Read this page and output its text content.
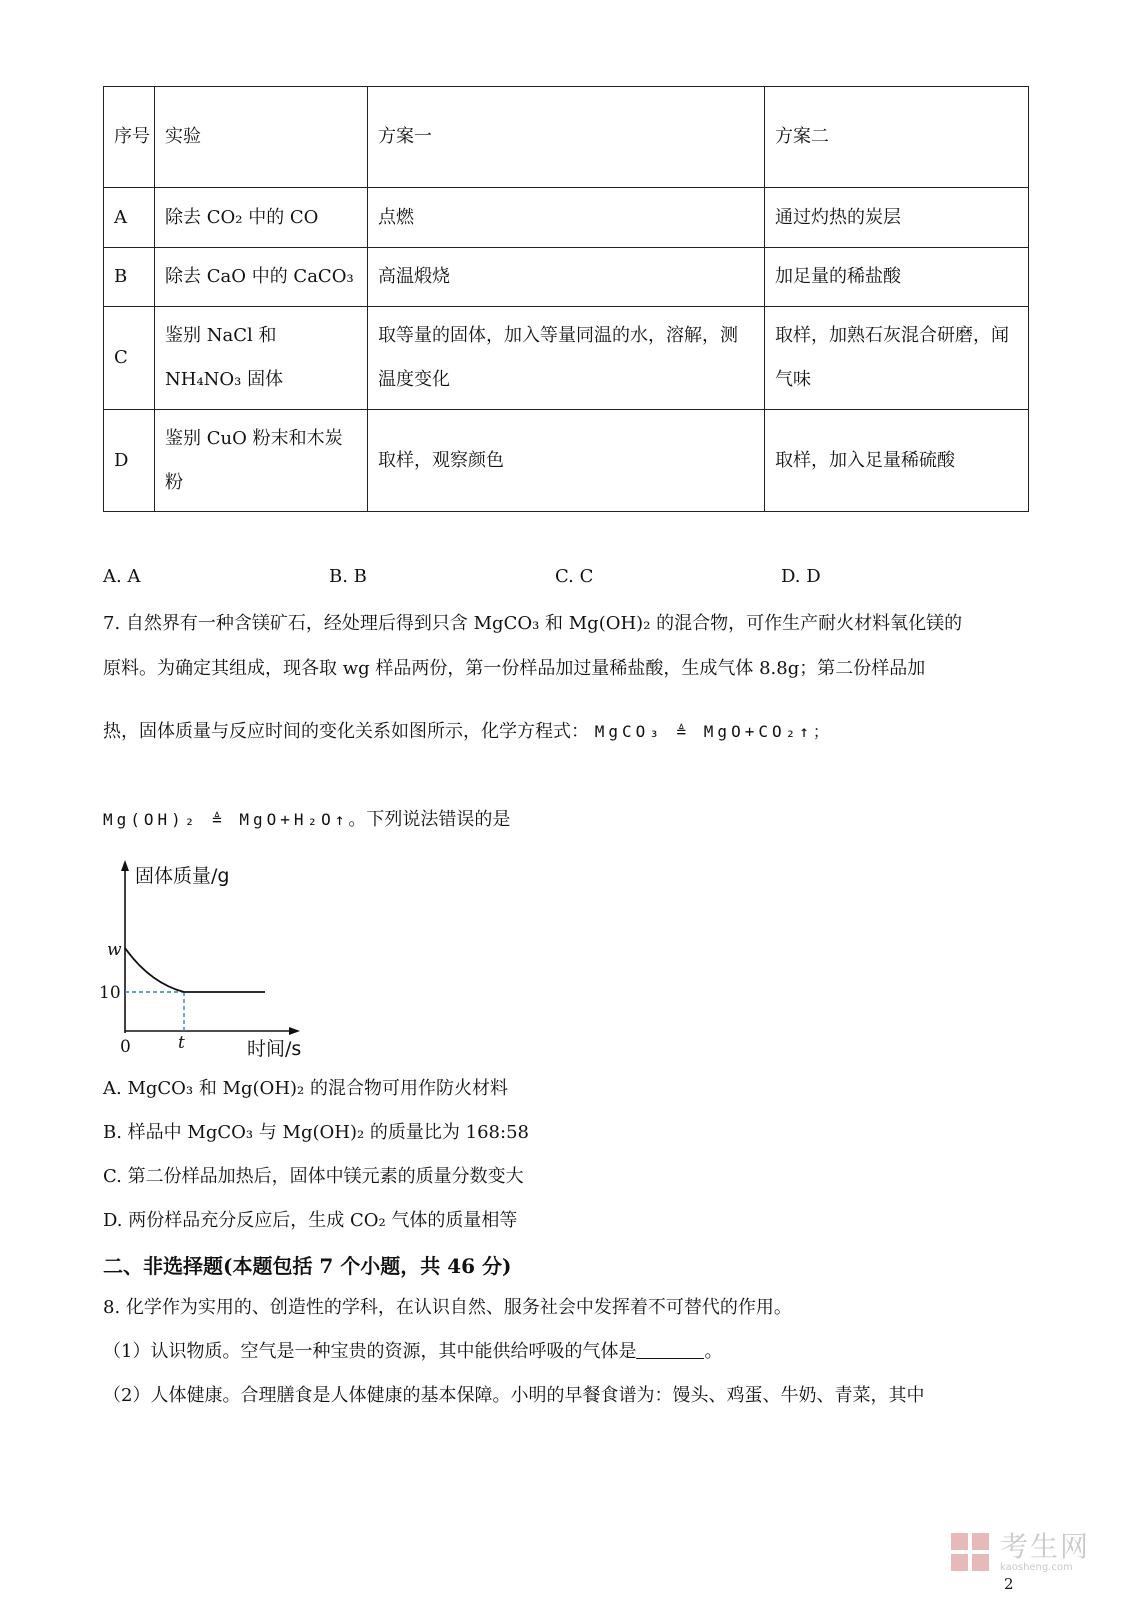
序号	实验	方案一	方案二
A	除去 CO₂ 中的 CO	点燃	通过灼热的炭层
B	除去 CaO 中的 CaCO₃	高温煅烧	加足量的稀盐酸
C	鉴别 NaCl 和 NH₄NO₃ 固体	取等量的固体，加入等量同温的水，溶解，测温度变化	取样，加熟石灰混合研磨，闻气味
D	鉴别 CuO 粉末和木炭粉	取样，观察颜色	取样，加入足量稀硫酸
A. A	B. B	C. C	D. D
7. 自然界有一种含镁矿石，经处理后得到只含 MgCO₃ 和 Mg(OH)₂ 的混合物，可作生产耐火材料氧化镁的
原料。为确定其组成，现各取 wg 样品两份，第一份样品加过量稀盐酸，生成气体 8.8g；第二份样品加
热，固体质量与反应时间的变化关系如图所示，化学方程式： MgCO₃ ≜ MgO+CO₂↑；
Mg(OH)₂ ≜ MgO+H₂O↑。下列说法错误的是
固体质量/g
时间/s
0
w
10
t
A. MgCO₃ 和 Mg(OH)₂ 的混合物可用作防火材料
B. 样品中 MgCO₃ 与 Mg(OH)₂ 的质量比为 168:58
C. 第二份样品加热后，固体中镁元素的质量分数变大
D. 两份样品充分反应后，生成 CO₂ 气体的质量相等
二、非选择题(本题包括 7 个小题，共 46 分)
8. 化学作为实用的、创造性的学科，在认识自然、服务社会中发挥着不可替代的作用。
（1）认识物质。空气是一种宝贵的资源，其中能供给呼吸的气体是	。
（2）人体健康。合理膳食是人体健康的基本保障。小明的早餐食谱为：馒头、鸡蛋、牛奶、青菜，其中
考生网
kaosheng.com
2
